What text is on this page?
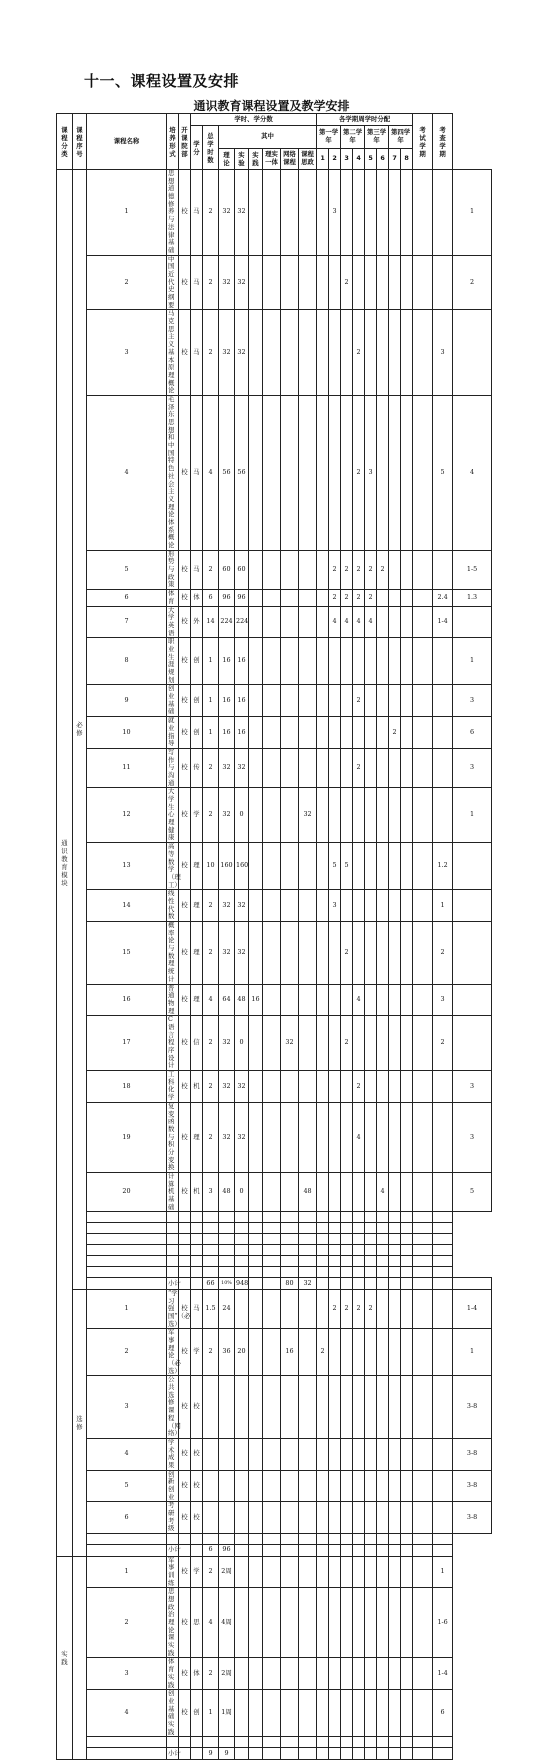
十一、课程设置及安排
通识教育课程设置及教学安排
课程分类	课程序号	课程名称	培养形式	开课院部	学时、学分数								各学期周学时分配								考试学期	考查学期	
					学分	总学时数	其中						第一学年		第二学年		第三学年		第四学年				
							理论	实验	实践	理实一体	网络课程	课程思政	1	2	3	4	5	6	7	8			
通识教育模块	必修	1	思想道德修养与法律基础	校	马	2	32	32						3									1
		2	中国近代史纲要	校	马	2	32	32							2								2
		3	马克思主义基本原理概论	校	马	2	32	32								2						3	
		4	毛泽东思想和中国特色社会主义理论体系概论	校	马	4	56	56								2	3					5	4
		5	形势与政策	校	马	2	60	60						2	2	2	2	2					1-5
		6	体育	校	体	6	96	96						2	2	2	2					2.4	1.3
		7	大学英语	校	外	14	224	224						4	4	4	4					1-4	
		8	职业生涯规划	校	创	1	16	16															1
		9	创业基础	校	创	1	16	16								2							3
		10	就业指导	校	创	1	16	16											2				6
		11	写作与沟通	校	传	2	32	32								2							3
		12	大学生心理健康	校	学	2	32	0				32											1
		13	高等数学（理工）	校	理	10	160	160						5	5							1.2	
		14	线性代数	校	理	2	32	32						3								1	
		15	概率论与数理统计	校	理	2	32	32							2							2	
		16	普通物理	校	理	4	64	48	16							4						3	
		17	C语言程序设计	校	信	2	32	0			32				2							2	
		18	工科化学	校	机	2	32	32								2							3
		19	复变函数与积分变换	校	理	2	32	32								4							3
		20	计算机基础	校	机	3	48	0				48						4					5

			小计			66	10%	948			80	32											
	选修	1	“学习强国”（必选）	校	马	1.5	24							2	2	2	2						1-4
		2	军事理论（必选）	校	学	2	36	20			16		2										1
		3	公共选修课程（网络）	校	校																		3-8
		4	学术成果	校	校																		3-8
		5	创新创业	校	校																		3-8
		6	考研考级	校	校																		3-8

			小计			6	96																
实践		1	军事训练	校	学	2	2周															1	
		2	思想政治理论课实践	校	思	4	4周															1-6	
		3	体育实践	校	体	2	2周															1-4	
		4	创业基础实践	校	创	1	1周															6	

			小计			9	9																
